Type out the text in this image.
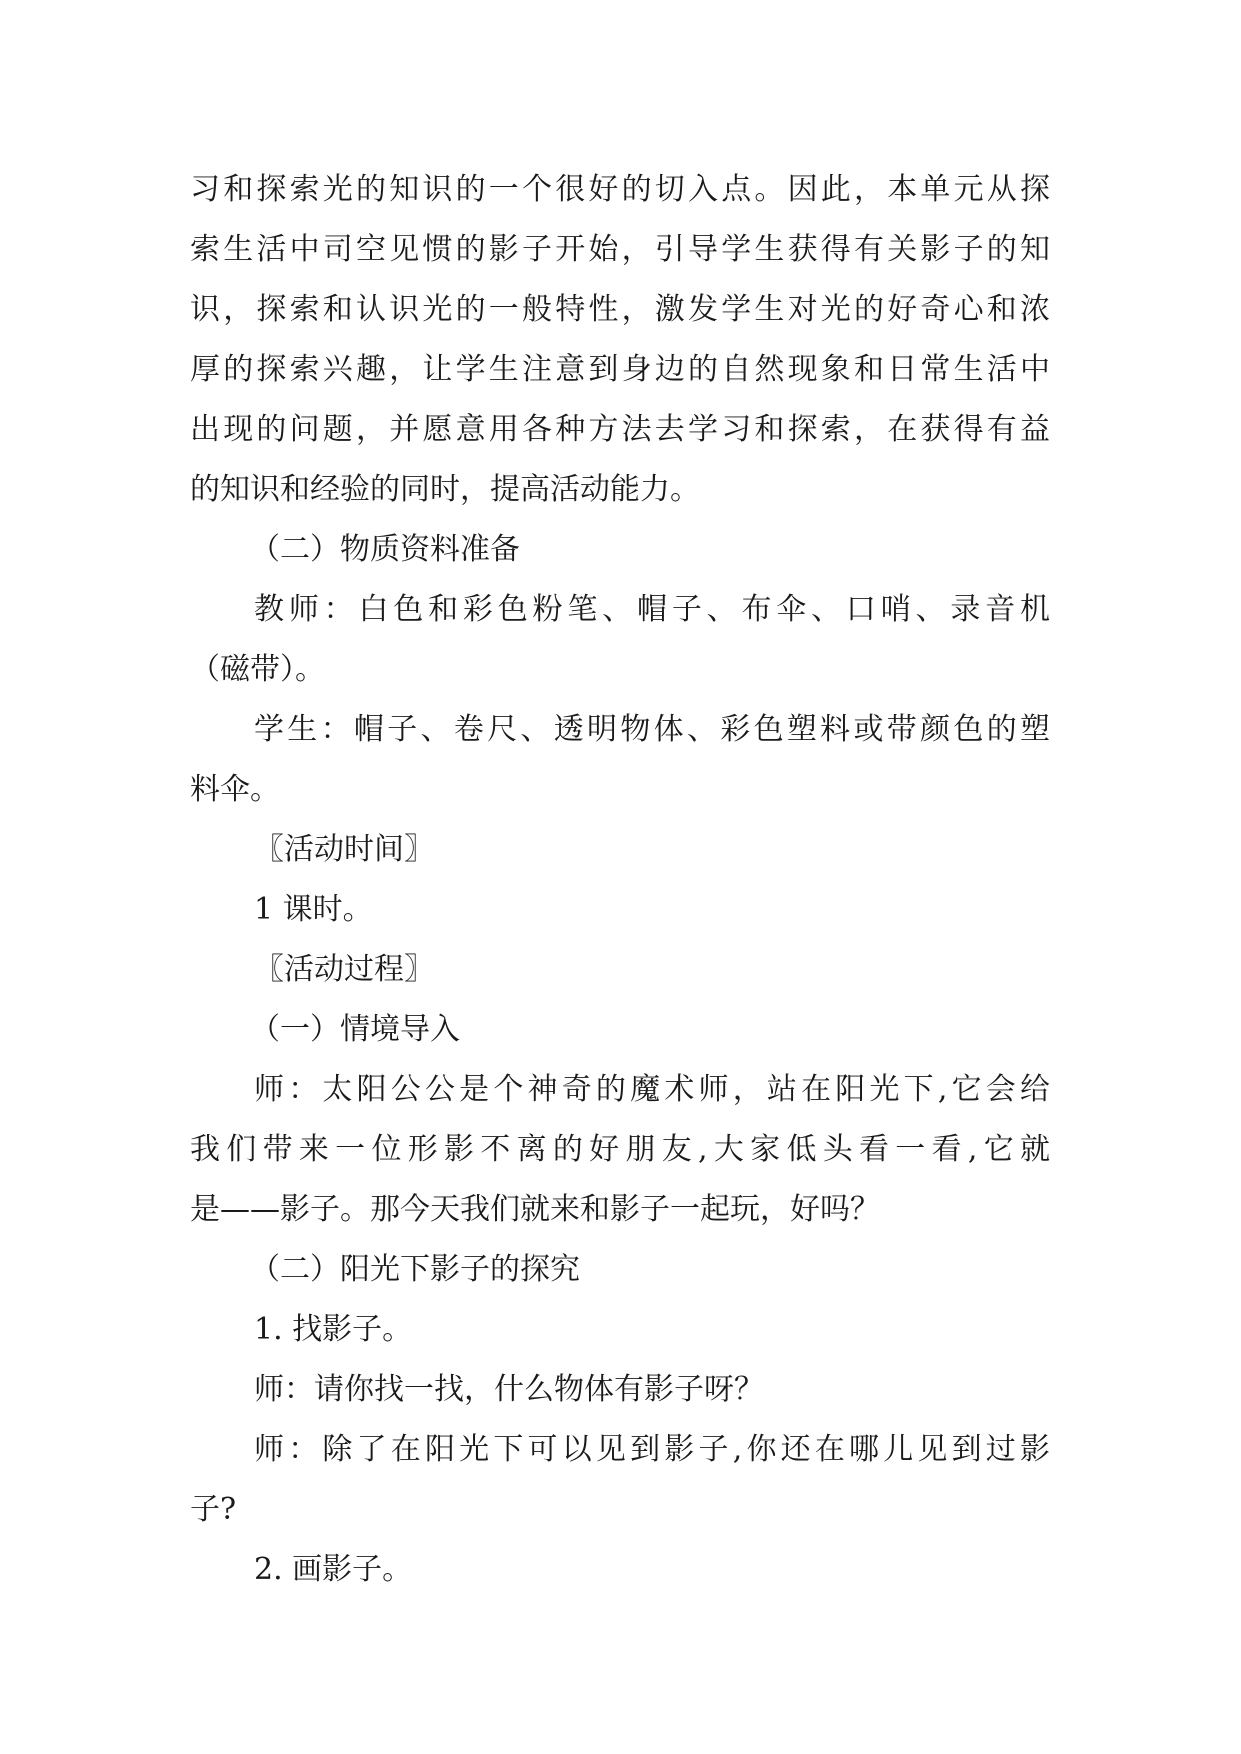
习和探索光的知识的一个很好的切入点。因此，本单元从探
索生活中司空见惯的影子开始，引导学生获得有关影子的知
识，探索和认识光的一般特性，激发学生对光的好奇心和浓
厚的探索兴趣，让学生注意到身边的自然现象和日常生活中
出现的问题，并愿意用各种方法去学习和探索，在获得有益
的知识和经验的同时，提高活动能力。
（二）物质资料准备
教师：白色和彩色粉笔、帽子、布伞、口哨、录音机
（磁带）。
学生：帽子、卷尺、透明物体、彩色塑料或带颜色的塑
料伞。
〖活动时间〗
1 课时。
〖活动过程〗
（一）情境导入
师：太阳公公是个神奇的魔术师，站在阳光下,它会给
我们带来一位形影不离的好朋友,大家低头看一看,它就
是——影子。那今天我们就来和影子一起玩，好吗？
（二）阳光下影子的探究
1. 找影子。
师：请你找一找，什么物体有影子呀？
师：除了在阳光下可以见到影子,你还在哪儿见到过影
子?
2. 画影子。
